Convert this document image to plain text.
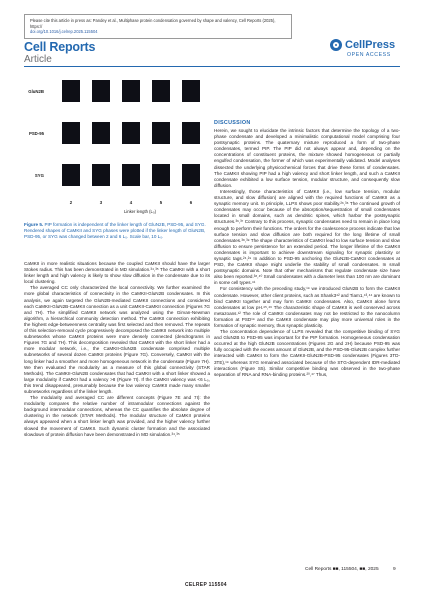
Please cite this article in press as: Pandey et al., Multiphase protein condensation governed by shape and valency, Cell Reports (2025), https://
doi.org/10.1016/j.celrep.2025.115504
Cell Reports
Article
CellPress
OPEN ACCESS
GluN2B
PSD-95
SYG
2	3	4	5	6
Linker length (L₀)

Figure 5. PIP formation is independent of the linker length of GluN2B, PSD-95, and SYG. Rendered shapes of CaMKII and SYG phases were plotted if the linker length of GluN2B, PSD-95, or SYG was changed between 2 and 6 L₀. Scale bar, 10 L₀.

CaMKII in more realistic situations because the coupled CaMKII should have the larger Stokes radius. This has been demonstrated in MD simulation.³⁴,³⁵ The CaMKII with a short linker length and high valency is likely to show slow diffusion in the condensate due to its local clustering.

The averaged CC only characterized the local connectivity. We further examined the more global characteristics of connectivity in the CaMKII-GluN2B condensates. In this analysis, we again targeted the GluN2B-mediated CaMKII connections and considered each CaMKII-GluN2B-CaMKII connection as a unit CaMKII-CaMKII connection (Figures 7G and 7H). The simplified CaMKII network was analyzed using the Girvan-Newman algorithm, a hierarchical community detection method. The CaMKII connection exhibiting the highest edge-betweenness centrality was first selected and then removed. The repeats of this selection-removal cycle progressively decomposed the CaMKII network into multiple subnetworks whose CaMKII proteins were more densely connected (dendrograms in Figures 7G and 7H). This decomposition revealed that CaMKII with the short linker had a more modular network, i.e., the CaMKII-GluN2B condensate comprised multiple subnetworks of several dozen CaMKII proteins (Figure 7G). Conversely, CaMKII with the long linker had a smoother and more homogeneous network in the condensate (Figure 7H). We then evaluated the modularity as a measure of this global connectivity (STAR Methods). The CaMKII-GluN2B condensates that had CaMKII with a short linker showed a large modularity if CaMKII had a valency >8 (Figure 7I). If the CaMKII valency was <6 L₀, this trend disappeared, presumably because the low valency CaMKII made many smaller subnetworks regardless of the linker length.

The modularity and averaged CC are different concepts (Figure 7E and 7I): the modularity compares the relative number of intramodular connections against the background intermodular connections, whereas the CC quantifies the absolute degree of clustering in the network (STAR Methods). The modular structure of CaMKII proteins always appeared when a short linker length was provided, and the higher valency further slowed the movement of CaMKII. Such dynamic cluster formation and the associated slowdown of protein diffusion have been demonstrated in MD simulation.³⁴,³⁵

DISCUSSION

Herein, we sought to elucidate the intrinsic factors that determine the topology of a two-phase condensate and developed a minimalistic computational model comprising four postsynaptic proteins. The quaternary mixture reproduced a form of two-phase condensates, termed PIP. The PIP did not always appear and, depending on the concentrations of constituent proteins, the mixture showed homogeneous or partially engulfed condensation, the former of which was experimentally validated. Model analyses dissected the underlying physicochemical forces that drive these forms of condensates. The CaMKII showing PIP had a high valency and short linker length, and such a CaMKII condensate exhibited a low surface tension, modular structure, and consequently slow diffusion.

Interestingly, those characteristics of CaMKII (i.e., low surface tension, modular structure, and slow diffusion) are aligned with the required functions of CaMKII as a synaptic memory unit. In principle, LLPS shows poor stability.²⁶,³⁶ The continued growth of condensates may occur because of the absorption/sequestration of small condensates located in small domains, such as dendritic spines, which harbor the postsynaptic structures.³⁶,³⁷ Contrary to this process, synaptic condensates need to remain in place long enough to perform their functions. The orders for the coalescence process indicate that low surface tension and slow diffusion are both required for the long lifetime of small condensates.³⁸,³⁹ The shape characteristics of CaMKII lead to low surface tension and slow diffusion to ensure persistence for an extended period. The longer lifetime of the CaMKII condensates is important to achieve downstream signaling for synaptic plasticity or synaptic tags.²⁴,²⁹ In addition to PSD-95 anchoring the GluN2B-CaMKII condensates at PSD, the CaMKII shape might underlie the stability of small condensates. In small postsynaptic domains. Note that other mechanisms that regulate condensate size have also been reported.³⁸,⁴⁰ Small condensates with a diameter less than 100 nm are dominant in some cell types.⁴¹

For consistency with the preceding study,¹⁹ we introduced GluN2B to form the CaMKII condensate. However, other client proteins, such as Shank3⁴² and Tiam1,⁴³,⁴⁴ are known to bind CaMKII together and may form CaMKII condensates. Also, CaMKII alone forms condensates at low pH.⁴⁵,⁴⁶ The characteristic shape of CaMKII is well conserved across metazoans.¹² The role of CaMKII condensates may not be restricted to the nanocolumn formation at PSD¹⁹ and the CaMKII condensate may play more universal roles in the formation of synaptic memory, thus synaptic plasticity.

The concentration dependence of LLPS revealed that the competitive binding of SYG and GluN2B to PSD-95 was important for the PIP formation. Homogeneous condensation occurred at the high GluN2B concentrations (Figures 2G and 2H) because PSD-95 was fully occupied with the excess amount of GluN2B, and the PSD-95-GluN2B complex further interacted with CaMKII to form the CaMKII-GluN2B-PSD-95 condensates (Figures 3TD-3TE),¹⁹ whereas SYG remained associated because of the STG-dependent IDR-mediated interactions (Figure S5). Similar competitive binding was observed in the two-phase separation of RNA and RNA-binding proteins.²⁰,⁴⁷ Thus,

Cell Reports ■■, 115504, ■■, 2025	9
CELREP 115504
